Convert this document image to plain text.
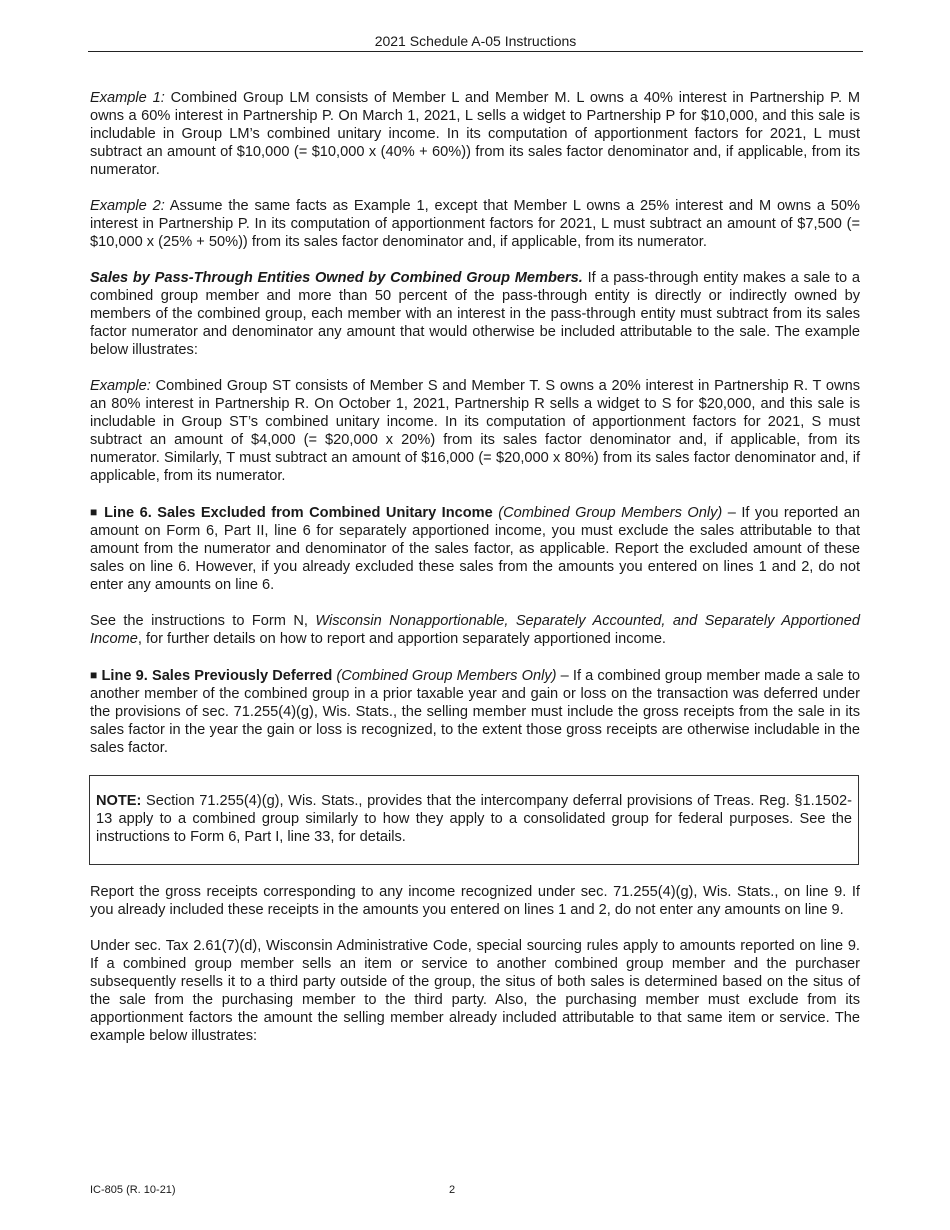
2021 Schedule A-05 Instructions

Example 1: Combined Group LM consists of Member L and Member M. L owns a 40% interest in Partnership P. M owns a 60% interest in Partnership P. On March 1, 2021, L sells a widget to Partnership P for $10,000, and this sale is includable in Group LM’s combined unitary income. In its computation of apportionment factors for 2021, L must subtract an amount of $10,000 (= $10,000 x (40% + 60%)) from its sales factor denominator and, if applicable, from its numerator.

Example 2: Assume the same facts as Example 1, except that Member L owns a 25% interest and M owns a 50% interest in Partnership P. In its computation of apportionment factors for 2021, L must subtract an amount of $7,500 (= $10,000 x (25% + 50%)) from its sales factor denominator and, if applicable, from its numerator.

Sales by Pass-Through Entities Owned by Combined Group Members. If a pass-through entity makes a sale to a combined group member and more than 50 percent of the pass-through entity is directly or indirectly owned by members of the combined group, each member with an interest in the pass-through entity must subtract from its sales factor numerator and denominator any amount that would otherwise be included attributable to the sale. The example below illustrates:

Example: Combined Group ST consists of Member S and Member T. S owns a 20% interest in Partnership R. T owns an 80% interest in Partnership R. On October 1, 2021, Partnership R sells a widget to S for $20,000, and this sale is includable in Group ST’s combined unitary income. In its computation of apportionment factors for 2021, S must subtract an amount of $4,000 (= $20,000 x 20%) from its sales factor denominator and, if applicable, from its numerator. Similarly, T must subtract an amount of $16,000 (= $20,000 x 80%) from its sales factor denominator and, if applicable, from its numerator.

■ Line 6. Sales Excluded from Combined Unitary Income (Combined Group Members Only) – If you reported an amount on Form 6, Part II, line 6 for separately apportioned income, you must exclude the sales attributable to that amount from the numerator and denominator of the sales factor, as applicable. Report the excluded amount of these sales on line 6. However, if you already excluded these sales from the amounts you entered on lines 1 and 2, do not enter any amounts on line 6.

See the instructions to Form N, Wisconsin Nonapportionable, Separately Accounted, and Separately Apportioned Income, for further details on how to report and apportion separately apportioned income.

■ Line 9. Sales Previously Deferred (Combined Group Members Only) – If a combined group member made a sale to another member of the combined group in a prior taxable year and gain or loss on the transaction was deferred under the provisions of sec. 71.255(4)(g), Wis. Stats., the selling member must include the gross receipts from the sale in its sales factor in the year the gain or loss is recognized, to the extent those gross receipts are otherwise includable in the sales factor.

NOTE: Section 71.255(4)(g), Wis. Stats., provides that the intercompany deferral provisions of Treas. Reg. §1.1502-13 apply to a combined group similarly to how they apply to a consolidated group for federal purposes. See the instructions to Form 6, Part I, line 33, for details.

Report the gross receipts corresponding to any income recognized under sec. 71.255(4)(g), Wis. Stats., on line 9. If you already included these receipts in the amounts you entered on lines 1 and 2, do not enter any amounts on line 9.

Under sec. Tax 2.61(7)(d), Wisconsin Administrative Code, special sourcing rules apply to amounts reported on line 9. If a combined group member sells an item or service to another combined group member and the purchaser subsequently resells it to a third party outside of the group, the situs of both sales is determined based on the situs of the sale from the purchasing member to the third party. Also, the purchasing member must exclude from its apportionment factors the amount the selling member already included attributable to that same item or service. The example below illustrates:

IC-805 (R. 10-21)	2
